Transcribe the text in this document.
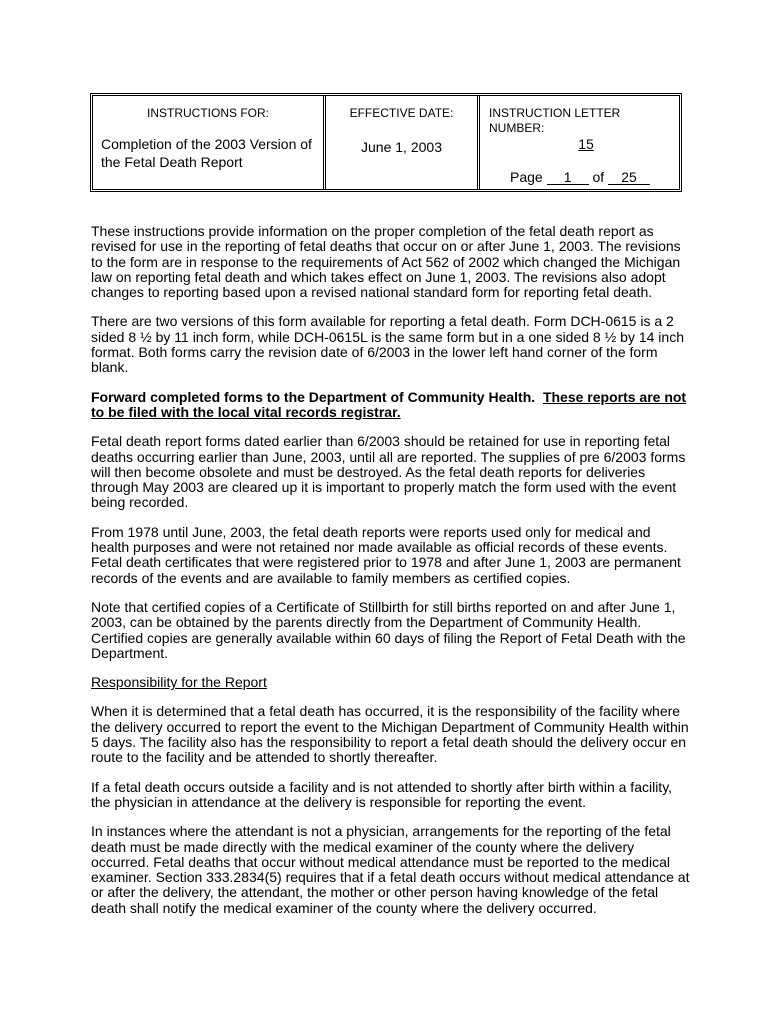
INSTRUCTIONS FOR:
Completion of the 2003 Version of the Fetal Death Report
EFFECTIVE DATE:
June 1, 2003
INSTRUCTION LETTER NUMBER:
15
Page 1 of 25

These instructions provide information on the proper completion of the fetal death report as revised for use in the reporting of fetal deaths that occur on or after June 1, 2003. The revisions to the form are in response to the requirements of Act 562 of 2002 which changed the Michigan law on reporting fetal death and which takes effect on June 1, 2003. The revisions also adopt changes to reporting based upon a revised national standard form for reporting fetal death.

There are two versions of this form available for reporting a fetal death. Form DCH-0615 is a 2 sided 8 ½ by 11 inch form, while DCH-0615L is the same form but in a one sided 8 ½ by 14 inch format. Both forms carry the revision date of 6/2003 in the lower left hand corner of the form blank.

Forward completed forms to the Department of Community Health. These reports are not to be filed with the local vital records registrar.

Fetal death report forms dated earlier than 6/2003 should be retained for use in reporting fetal deaths occurring earlier than June, 2003, until all are reported. The supplies of pre 6/2003 forms will then become obsolete and must be destroyed. As the fetal death reports for deliveries through May 2003 are cleared up it is important to properly match the form used with the event being recorded.

From 1978 until June, 2003, the fetal death reports were reports used only for medical and health purposes and were not retained nor made available as official records of these events. Fetal death certificates that were registered prior to 1978 and after June 1, 2003 are permanent records of the events and are available to family members as certified copies.

Note that certified copies of a Certificate of Stillbirth for still births reported on and after June 1, 2003, can be obtained by the parents directly from the Department of Community Health. Certified copies are generally available within 60 days of filing the Report of Fetal Death with the Department.

Responsibility for the Report

When it is determined that a fetal death has occurred, it is the responsibility of the facility where the delivery occurred to report the event to the Michigan Department of Community Health within 5 days. The facility also has the responsibility to report a fetal death should the delivery occur en route to the facility and be attended to shortly thereafter.

If a fetal death occurs outside a facility and is not attended to shortly after birth within a facility, the physician in attendance at the delivery is responsible for reporting the event.

In instances where the attendant is not a physician, arrangements for the reporting of the fetal death must be made directly with the medical examiner of the county where the delivery occurred. Fetal deaths that occur without medical attendance must be reported to the medical examiner. Section 333.2834(5) requires that if a fetal death occurs without medical attendance at or after the delivery, the attendant, the mother or other person having knowledge of the fetal death shall notify the medical examiner of the county where the delivery occurred.
